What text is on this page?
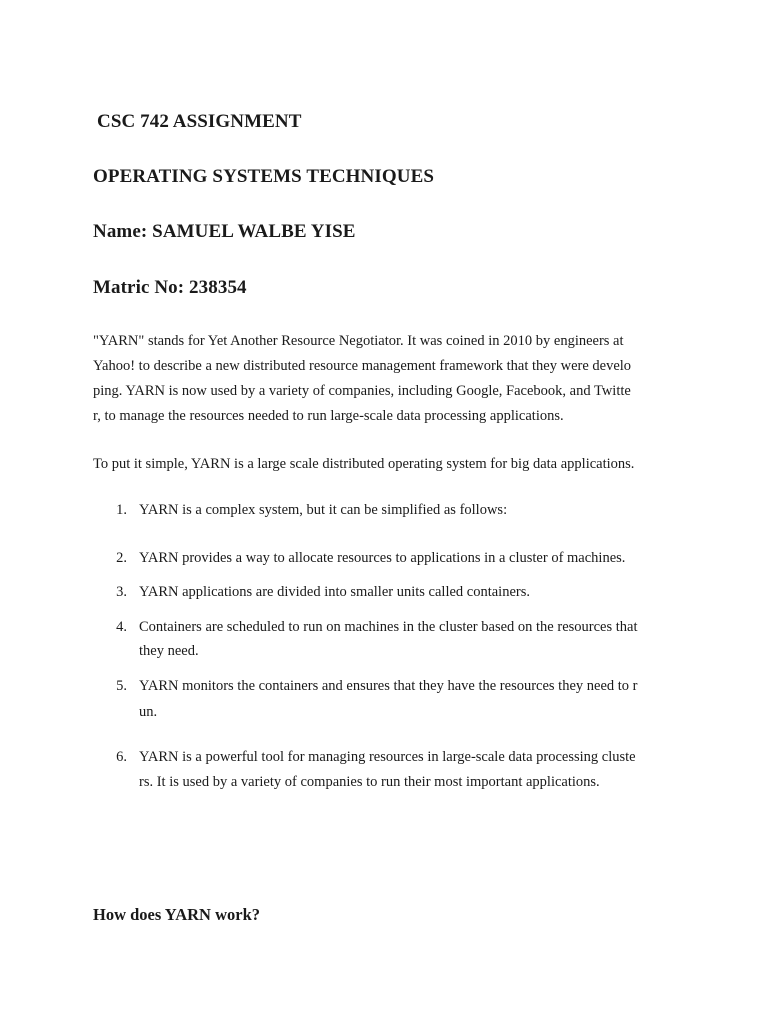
CSC 742 ASSIGNMENT
OPERATING SYSTEMS TECHNIQUES
Name: SAMUEL WALBE YISE
Matric No: 238354
"YARN" stands for Yet Another Resource Negotiator. It was coined in 2010 by engineers at
Yahoo! to describe a new distributed resource management framework that they were develo
ping. YARN is now used by a variety of companies, including Google, Facebook, and Twitte
r, to manage the resources needed to run large-scale data processing applications.
To put it simple, YARN is a large scale distributed operating system for big data applications.
1. YARN is a complex system, but it can be simplified as follows:
2. YARN provides a way to allocate resources to applications in a cluster of machines.
3. YARN applications are divided into smaller units called containers.
4. Containers are scheduled to run on machines in the cluster based on the resources that
they need.
5. YARN monitors the containers and ensures that they have the resources they need to r
un.
6. YARN is a powerful tool for managing resources in large-scale data processing cluste
rs. It is used by a variety of companies to run their most important applications.
How does YARN work?
